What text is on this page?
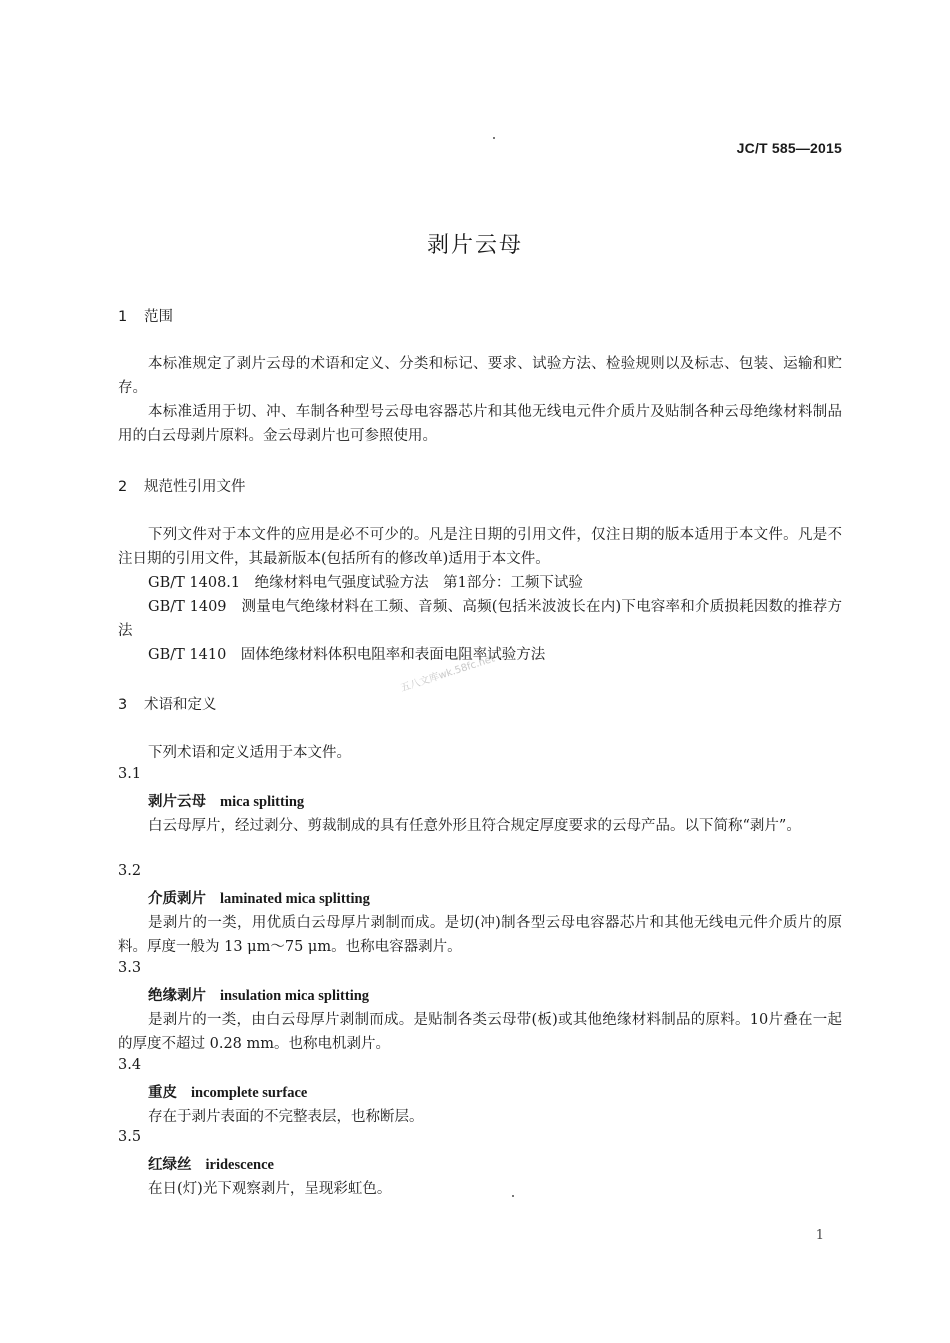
JC/T 585—2015
剥片云母
1 范围
本标准规定了剥片云母的术语和定义、分类和标记、要求、试验方法、检验规则以及标志、包装、运输和贮存。
本标准适用于切、冲、车制各种型号云母电容器芯片和其他无线电元件介质片及贴制各种云母绝缘材料制品用的白云母剥片原料。金云母剥片也可参照使用。
2 规范性引用文件
下列文件对于本文件的应用是必不可少的。凡是注日期的引用文件，仅注日期的版本适用于本文件。凡是不注日期的引用文件，其最新版本(包括所有的修改单)适用于本文件。
GB/T 1408.1　绝缘材料电气强度试验方法　第1部分：工频下试验
GB/T 1409　测量电气绝缘材料在工频、音频、高频(包括米波波长在内)下电容率和介质损耗因数的推荐方法
GB/T 1410　固体绝缘材料体积电阻率和表面电阻率试验方法
五八文库wk.58fc.net
3 术语和定义
下列术语和定义适用于本文件。
3.1
剥片云母 mica splitting
白云母厚片，经过剥分、剪裁制成的具有任意外形且符合规定厚度要求的云母产品。以下简称“剥片”。
3.2
介质剥片 laminated mica splitting
是剥片的一类，用优质白云母厚片剥制而成。是切(冲)制各型云母电容器芯片和其他无线电元件介质片的原料。厚度一般为 13 μm～75 μm。也称电容器剥片。
3.3
绝缘剥片 insulation mica splitting
是剥片的一类，由白云母厚片剥制而成。是贴制各类云母带(板)或其他绝缘材料制品的原料。10片叠在一起的厚度不超过 0.28 mm。也称电机剥片。
3.4
重皮 incomplete surface
存在于剥片表面的不完整表层，也称断层。
3.5
红绿丝 iridescence
在日(灯)光下观察剥片，呈现彩虹色。
1
